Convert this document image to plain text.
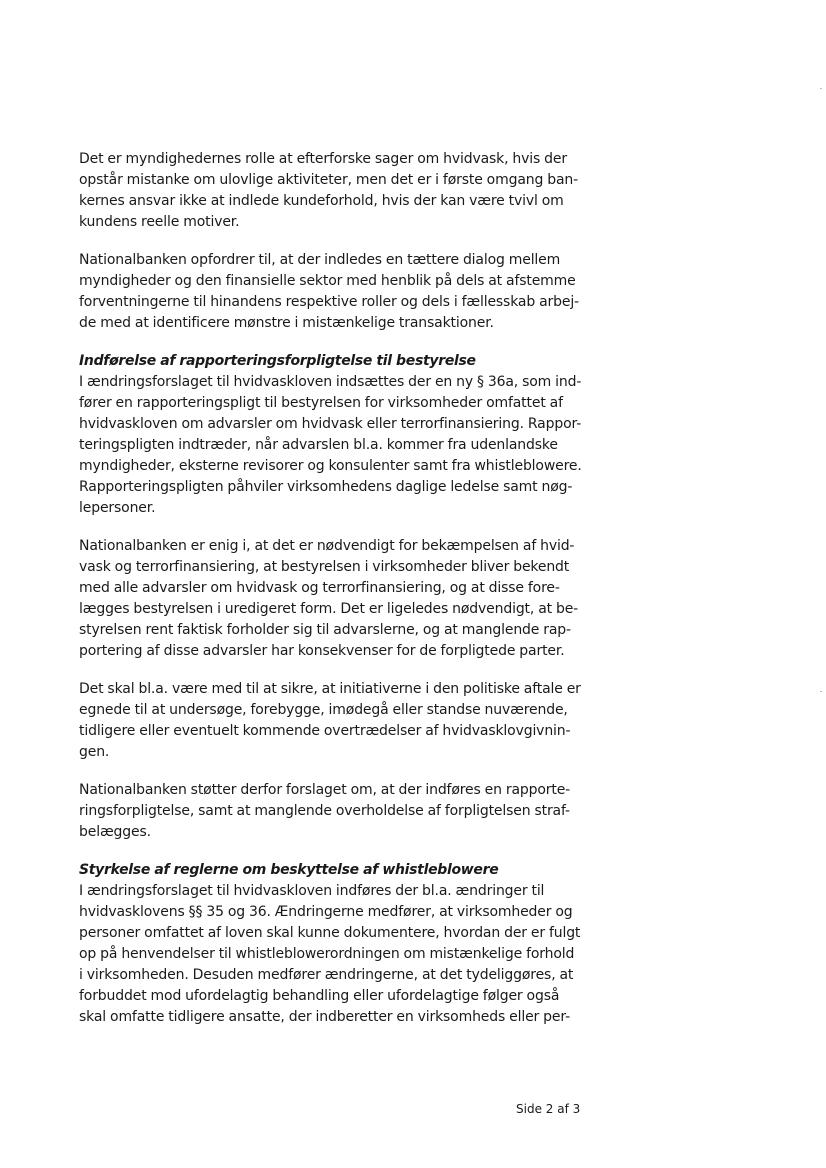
Det er myndighedernes rolle at efterforske sager om hvidvask, hvis der
opstår mistanke om ulovlige aktiviteter, men det er i første omgang ban-
kernes ansvar ikke at indlede kundeforhold, hvis der kan være tvivl om
kundens reelle motiver.

Nationalbanken opfordrer til, at der indledes en tættere dialog mellem
myndigheder og den finansielle sektor med henblik på dels at afstemme
forventningerne til hinandens respektive roller og dels i fællesskab arbej-
de med at identificere mønstre i mistænkelige transaktioner.

Indførelse af rapporteringsforpligtelse til bestyrelse
I ændringsforslaget til hvidvaskloven indsættes der en ny § 36a, som ind-
fører en rapporteringspligt til bestyrelsen for virksomheder omfattet af
hvidvaskloven om advarsler om hvidvask eller terrorfinansiering. Rappor-
teringspligten indtræder, når advarslen bl.a. kommer fra udenlandske
myndigheder, eksterne revisorer og konsulenter samt fra whistleblowere.
Rapporteringspligten påhviler virksomhedens daglige ledelse samt nøg-
lepersoner.

Nationalbanken er enig i, at det er nødvendigt for bekæmpelsen af hvid-
vask og terrorfinansiering, at bestyrelsen i virksomheder bliver bekendt
med alle advarsler om hvidvask og terrorfinansiering, og at disse fore-
lægges bestyrelsen i uredigeret form. Det er ligeledes nødvendigt, at be-
styrelsen rent faktisk forholder sig til advarslerne, og at manglende rap-
portering af disse advarsler har konsekvenser for de forpligtede parter.

Det skal bl.a. være med til at sikre, at initiativerne i den politiske aftale er
egnede til at undersøge, forebygge, imødegå eller standse nuværende,
tidligere eller eventuelt kommende overtrædelser af hvidvasklovgivnin-
gen.

Nationalbanken støtter derfor forslaget om, at der indføres en rapporte-
ringsforpligtelse, samt at manglende overholdelse af forpligtelsen straf-
belægges.

Styrkelse af reglerne om beskyttelse af whistleblowere
I ændringsforslaget til hvidvaskloven indføres der bl.a. ændringer til
hvidvasklovens §§ 35 og 36. Ændringerne medfører, at virksomheder og
personer omfattet af loven skal kunne dokumentere, hvordan der er fulgt
op på henvendelser til whistleblowerordningen om mistænkelige forhold
i virksomheden. Desuden medfører ændringerne, at det tydeliggøres, at
forbuddet mod ufordelagtig behandling eller ufordelagtige følger også
skal omfatte tidligere ansatte, der indberetter en virksomheds eller per-
Side 2 af 3
